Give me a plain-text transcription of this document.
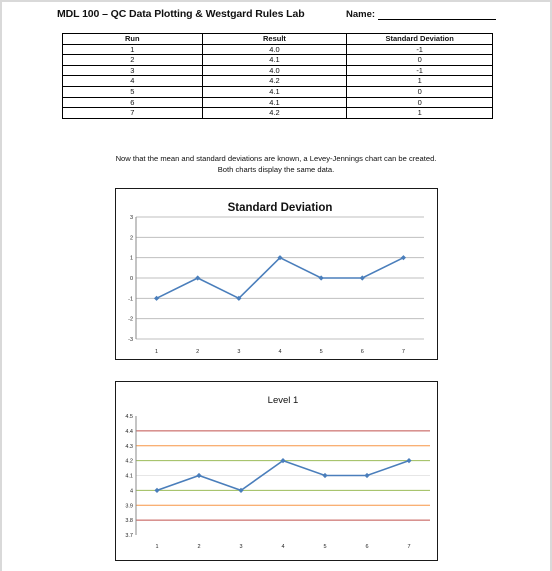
MDL 100 – QC Data Plotting & Westgard Rules Lab	Name:
Run	Result	Standard Deviation
1	4.0	-1
2	4.1	0
3	4.0	-1
4	4.2	1
5	4.1	0
6	4.1	0
7	4.2	1
Now that the mean and standard deviations are known, a Levey-Jennings chart can be created.
Both charts display the same data.
Standard Deviation
3
2
1
0
-1
-2
-3
1	2	3	4	5	6	7
Level 1
4.5
4.4
4.3
4.2
4.1
4
3.9
3.8
3.7
1	2	3	4	5	6	7
